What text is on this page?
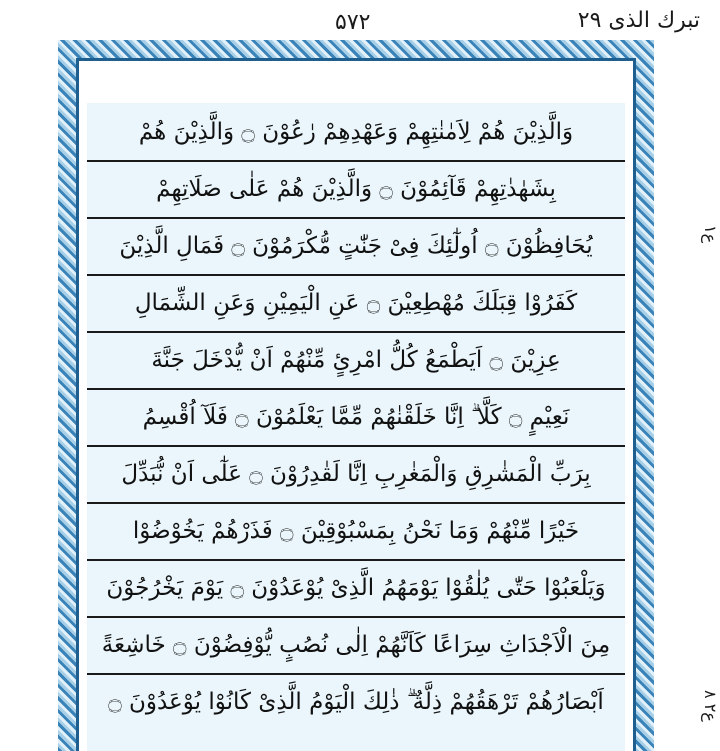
۵۷۲	تبرك الذى ٢٩
ع١
ع٢ ٨
وَالَّذِيْنَ هُمْ لِاَمٰنٰتِهِمْ وَعَهْدِهِمْ رٰعُوْنَ ۝ وَالَّذِيْنَ هُمْ
بِشَهٰدٰتِهِمْ قَآئِمُوْنَ ۝ وَالَّذِيْنَ هُمْ عَلٰى صَلَاتِهِمْ
يُحَافِظُوْنَ ۝ اُولٰٓئِكَ فِىْ جَنّٰتٍ مُّكْرَمُوْنَ ۝ فَمَالِ الَّذِيْنَ
كَفَرُوْا قِبَلَكَ مُهْطِعِيْنَ ۝ عَنِ الْيَمِيْنِ وَعَنِ الشِّمَالِ
عِزِيْنَ ۝ اَيَطْمَعُ كُلُّ امْرِئٍ مِّنْهُمْ اَنْ يُّدْخَلَ جَنَّةَ
نَعِيْمٍ ۝ كَلَّا ۗ اِنَّا خَلَقْنٰهُمْ مِّمَّا يَعْلَمُوْنَ ۝ فَلَآ اُقْسِمُ
بِرَبِّ الْمَشٰرِقِ وَالْمَغٰرِبِ اِنَّا لَقٰدِرُوْنَ ۝ عَلٰٓى اَنْ نُّبَدِّلَ
خَيْرًا مِّنْهُمْ وَمَا نَحْنُ بِمَسْبُوْقِيْنَ ۝ فَذَرْهُمْ يَخُوْضُوْا
وَيَلْعَبُوْا حَتّٰى يُلٰقُوْا يَوْمَهُمُ الَّذِىْ يُوْعَدُوْنَ ۝ يَوْمَ يَخْرُجُوْنَ
مِنَ الْاَجْدَاثِ سِرَاعًا كَاَنَّهُمْ اِلٰى نُصُبٍ يُّوْفِضُوْنَ ۝ خَاشِعَةً
اَبْصَارُهُمْ تَرْهَقُهُمْ ذِلَّةٌ ۗ ذٰلِكَ الْيَوْمُ الَّذِىْ كَانُوْا يُوْعَدُوْنَ ۝
